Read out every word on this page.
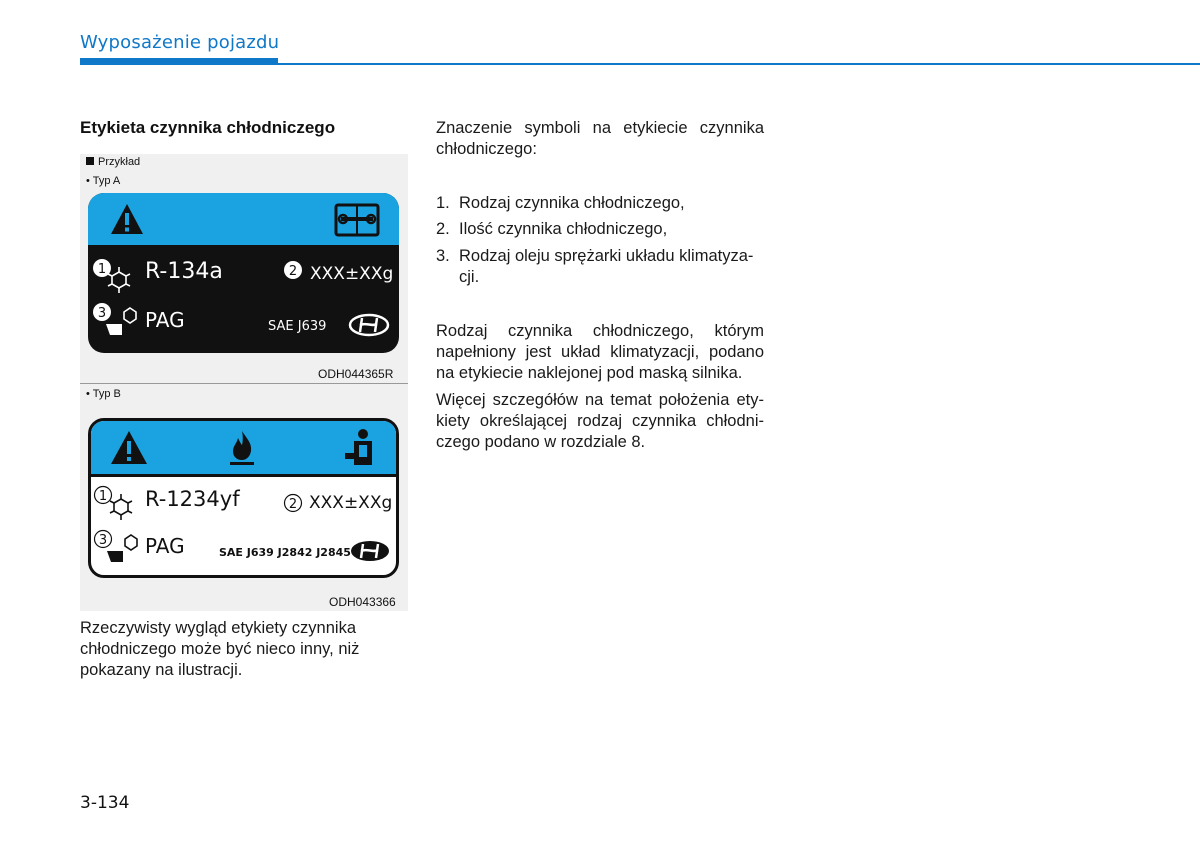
Wyposażenie pojazdu
Etykieta czynnika chłodniczego
Przykład
• Typ A
1 R-134a	2 XXX±XXg
3 PAG	SAE J639
ODH044365R
• Typ B
1 R-1234yf	2 XXX±XXg
3 PAG	SAE J639 J2842 J2845
ODH043366
Rzeczywisty wygląd etykiety czynnika
chłodniczego może być nieco inny, niż
pokazany na ilustracji.
Znaczenie symboli na etykiecie czynnika chłodniczego:
1. Rodzaj czynnika chłodniczego,
2. Ilość czynnika chłodniczego,
3. Rodzaj oleju sprężarki układu klimatyza-
cji.
Rodzaj czynnika chłodniczego, którym napełniony jest układ klimatyzacji, podano na etykiecie naklejonej pod maską silnika.
Więcej szczegółów na temat położenia etykiety określającej rodzaj czynnika chłodniczego podano w rozdziale 8.
3-134
